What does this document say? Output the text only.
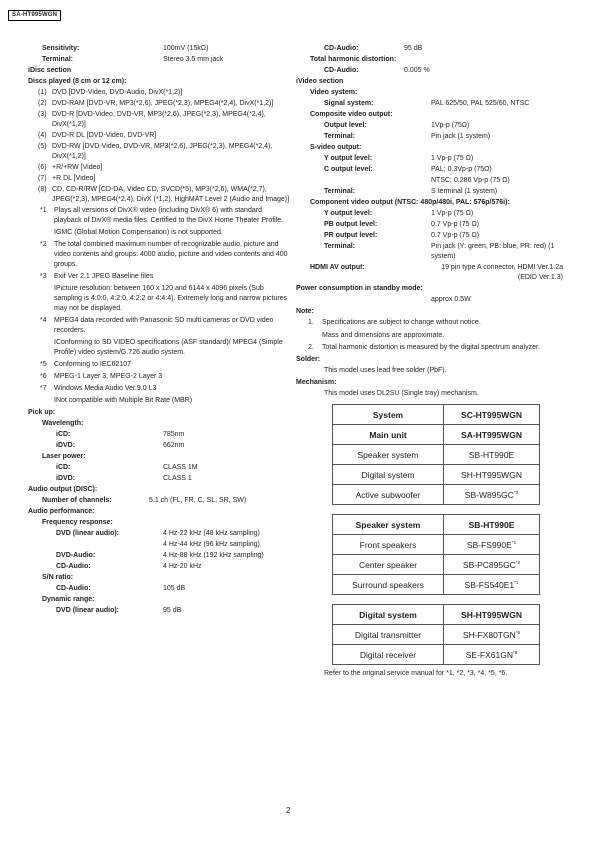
SA-HT995WGN
Sensitivity:	100mV (15kΩ)
Terminal:	Stereo 3.5 mm jack
iDisc section
Discs played (8 cm or 12 cm):
(1) DVD [DVD-Video, DVD-Audio, DivX(*1,2)]
(2) DVD-RAM [DVD-VR, MP3(*2,6), JPEG(*2,3), MPEG4(*2,4), DivX(*1,2)]
(3) DVD-R [DVD-Video, DVD-VR, MP3(*2,6), JPEG(*2,3), MPEG4(*2,4), DivX(*1,2)]
(4) DVD-R DL [DVD-Video, DVD-VR]
(5) DVD-RW [DVD-Video, DVD-VR, MP3(*2,6), JPEG(*2,3), MPEG4(*2,4), DivX(*1,2)]
(6) +R/+RW [Video]
(7) +R DL [Video]
(8) CD, CD-R/RW [CD-DA, Video CD, SVCD(*5), MP3(*2,6), WMA(*2,7), JPEG(*2,3), MPEG4(*2,4), DivX (*1,2), HighMAT Level 2 (Audio and Image)]
*1	Plays all versions of DivX® video (including DivX® 6) with standard playback of DivX® media files. Certified to the DivX Home Theater Profile.
IGMC (Global Motion Compensation) is not supported.
*2	The total combined maximum number of recognizable audio, picture and video contents and groups: 4000 audio, picture and video contents and 400 groups.
*3	Exif Ver 2.1 JPEG Baseline files
IPicture resolution: between 160 x 120 and 6144 x 4096 pixels (Sub sampling is 4:0:0, 4:2:0, 4:2:2 or 4:4:4). Extremely long and narrow pictures may not be displayed.
*4	MPEG4 data recorded with Panasonic SD multi cameras or DVD video recorders.
IConforming to SD VIDEO specifications (ASF standard)/ MPEG4 (Simple Profile) video system/G.726 audio system.
*5	Conforming to IEC62107
*6	MPEG-1 Layer 3, MPEG-2 Layer 3
*7	Windows Media Audio Ver.9.0 L3
INot compatible with Multiple Bit Rate (MBR)
Pick up:
Wavelength:
iCD:	785nm
iDVD:	662nm
Laser power:
iCD:	CLASS 1M
iDVD:	CLASS 1
Audio output (DISC):
Number of channels:	5.1 ch (FL, FR, C, SL, SR, SW)
Audio performance:
Frequency response:
DVD (linear audio):	4 Hz-22 kHz (48 kHz sampling)
4 Hz-44 kHz (96 kHz sampling)
DVD-Audio:	4 Hz-88 kHz (192 kHz sampling)
CD-Audio:	4 Hz-20 kHz
S/N ratio:
CD-Audio:	105 dB
Dynamic range:
DVD (linear audio):	95 dB
CD-Audio:	95 dB
Total harmonic distortion:
CD-Audio:	0.005 %
iVideo section
Video system:
Signal system:	PAL 625/50, PAL 525/60, NTSC
Composite video output:
Output level:	1Vp-p (75Ω)
Terminal:	Pin jack (1 system)
S-video output:
Y output level:	1 Vp-p (75 Ω)
C output level:	PAL; 0.3Vp-p (75Ω)
NTSC; 0.286 Vp-p (75 Ω)
Terminal:	S terminal (1 system)
Component video output (NTSC: 480p/480i, PAL: 576p/576i):
Y output level:	1 Vp-p (75 Ω)
PB output level:	0.7 Vp-p (75 Ω)
PR output level:	0.7 Vp-p (75 Ω)
Terminal:	Pin jack (Y: green, PB: blue, PR: red) (1 system)
HDMI AV output:	19 pin type A connector, HDMI Ver.1.2a (EDID Ver.1.3)
Power consumption in standby mode:
approx 0.5W
Note:
1.	Specifications are subject to change without notice.
Mass and dimensions are approximate.
2.	Total harmonic distortion is measured by the digital spectrum analyzer.
Solder:
This model uses lead free solder (PbF).
Mechanism:
This model uses DL2SU (Single tray) mechanism.
System	SC-HT995WGN
Main unit	SA-HT995WGN
Speaker system	SB-HT990E
Digital system	SH-HT995WGN
Active subwoofer	SB-W895GC$^{*3}$
Speaker system	SB-HT990E
Front speakers	$SB-FS990E^{*1}$
Center speaker	SB-PC895GC$^{*2}$
Surround speakers	SB-FS540E1$^{*1}$
Digital system	SH-HT995WGN
Digital transmitter	SH-FX80TGN$^{*6}$
Digital receiver	SE-FX61GN$^{*6}$
Refer to the original service manual for *1, *2, *3, *4, *5, *6.
2
